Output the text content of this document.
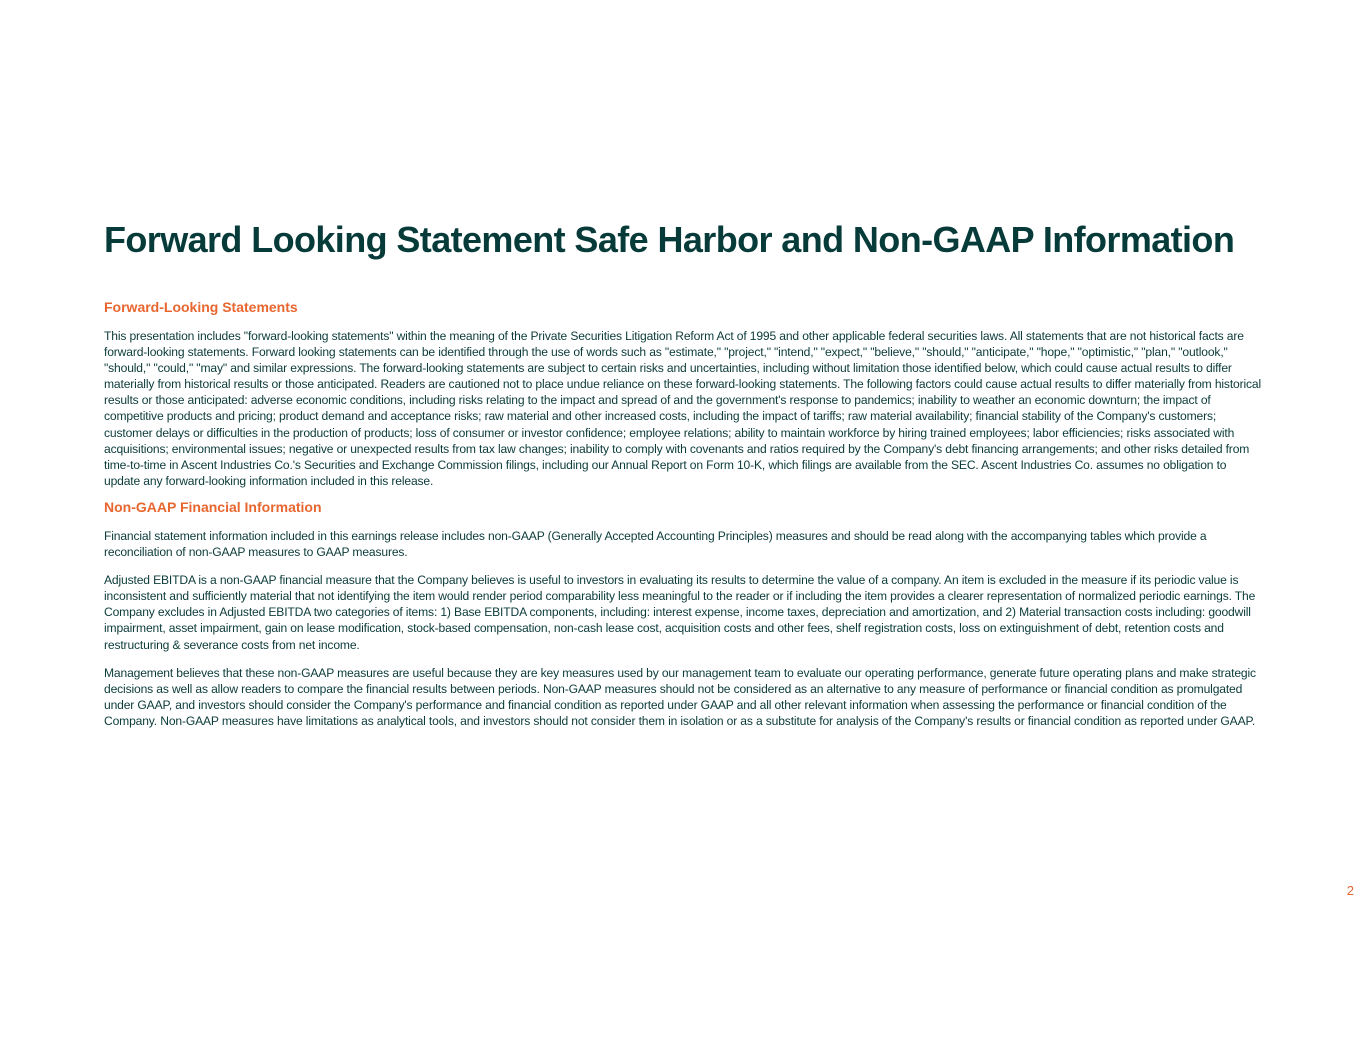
Forward Looking Statement Safe Harbor and Non-GAAP Information
Forward-Looking Statements

This presentation includes "forward-looking statements" within the meaning of the Private Securities Litigation Reform Act of 1995 and other applicable federal securities laws. All statements that are not historical facts are forward-looking statements. Forward looking statements can be identified through the use of words such as "estimate," "project," "intend," "expect," "believe," "should," "anticipate," "hope," "optimistic," "plan," "outlook," "should," "could," "may" and similar expressions. The forward-looking statements are subject to certain risks and uncertainties, including without limitation those identified below, which could cause actual results to differ materially from historical results or those anticipated. Readers are cautioned not to place undue reliance on these forward-looking statements. The following factors could cause actual results to differ materially from historical results or those anticipated: adverse economic conditions, including risks relating to the impact and spread of and the government's response to pandemics; inability to weather an economic downturn; the impact of competitive products and pricing; product demand and acceptance risks; raw material and other increased costs, including the impact of tariffs; raw material availability; financial stability of the Company's customers; customer delays or difficulties in the production of products; loss of consumer or investor confidence; employee relations; ability to maintain workforce by hiring trained employees; labor efficiencies; risks associated with acquisitions; environmental issues; negative or unexpected results from tax law changes; inability to comply with covenants and ratios required by the Company's debt financing arrangements; and other risks detailed from time-to-time in Ascent Industries Co.'s Securities and Exchange Commission filings, including our Annual Report on Form 10-K, which filings are available from the SEC. Ascent Industries Co. assumes no obligation to update any forward-looking information included in this release.

Non-GAAP Financial Information

Financial statement information included in this earnings release includes non-GAAP (Generally Accepted Accounting Principles) measures and should be read along with the accompanying tables which provide a reconciliation of non-GAAP measures to GAAP measures.

Adjusted EBITDA is a non-GAAP financial measure that the Company believes is useful to investors in evaluating its results to determine the value of a company. An item is excluded in the measure if its periodic value is inconsistent and sufficiently material that not identifying the item would render period comparability less meaningful to the reader or if including the item provides a clearer representation of normalized periodic earnings. The Company excludes in Adjusted EBITDA two categories of items: 1) Base EBITDA components, including: interest expense, income taxes, depreciation and amortization, and 2) Material transaction costs including: goodwill impairment, asset impairment, gain on lease modification, stock-based compensation, non-cash lease cost, acquisition costs and other fees, shelf registration costs, loss on extinguishment of debt, retention costs and restructuring & severance costs from net income.

Management believes that these non-GAAP measures are useful because they are key measures used by our management team to evaluate our operating performance, generate future operating plans and make strategic decisions as well as allow readers to compare the financial results between periods. Non-GAAP measures should not be considered as an alternative to any measure of performance or financial condition as promulgated under GAAP, and investors should consider the Company's performance and financial condition as reported under GAAP and all other relevant information when assessing the performance or financial condition of the Company. Non-GAAP measures have limitations as analytical tools, and investors should not consider them in isolation or as a substitute for analysis of the Company's results or financial condition as reported under GAAP.

2
